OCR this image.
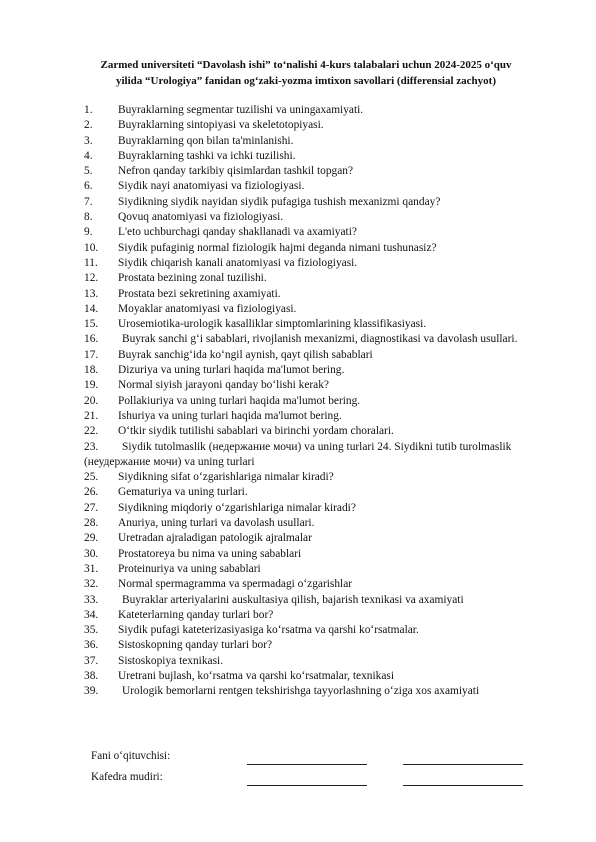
Zarmed universiteti “Davolash ishi” to‘nalishi 4-kurs talabalari uchun 2024-2025 o‘quv
yilida “Urologiya” fanidan og‘zaki-yozma imtixon savollari (differensial zachyot)
1. Buyraklarning segmentar tuzilishi va uningaxamiyati.
2. Buyraklarning sintopiyasi va skeletotopiyasi.
3. Buyraklarning qon bilan ta'minlanishi.
4. Buyraklarning tashki va ichki tuzilishi.
5. Nefron qanday tarkibiy qisimlardan tashkil topgan?
6. Siydik nayi anatomiyasi va fiziologiyasi.
7. Siydikning siydik nayidan siydik pufagiga tushish mexanizmi qanday?
8. Qovuq anatomiyasi va fiziologiyasi.
9. L'eto uchburchagi qanday shakllanadi va axamiyati?
10. Siydik pufaginig normal fiziologik hajmi deganda nimani tushunasiz?
11. Siydik chiqarish kanali anatomiyasi va fiziologiyasi.
12. Prostata bezining zonal tuzilishi.
13. Prostata bezi sekretining axamiyati.
14. Moyaklar anatomiyasi va fiziologiyasi.
15. Urosemiotika-urologik kasalliklar simptomlarining klassifikasiyasi.
16. Buyrak sanchi g‘i sabablari, rivojlanish mexanizmi, diagnostikasi va davolash usullari.
17. Buyrak sanchig‘ida ko‘ngil aynish, qayt qilish sabablari
18. Dizuriya va uning turlari haqida ma'lumot bering.
19. Normal siyish jarayoni qanday bo‘lishi kerak?
20. Pollakiuriya va uning turlari haqida ma'lumot bering.
21. Ishuriya va uning turlari haqida ma'lumot bering.
22. O‘tkir siydik tutilishi sabablari va birinchi yordam choralari.
23. Siydik tutolmaslik (недержание мочи) va uning turlari 24. Siydikni tutib turolmaslik (неудержание мочи) va uning turlari
25. Siydikning sifat o‘zgarishlariga nimalar kiradi?
26. Gematuriya va uning turlari.
27. Siydikning miqdoriy o‘zgarishlariga nimalar kiradi?
28. Anuriya, uning turlari va davolash usullari.
29. Uretradan ajraladigan patologik ajralmalar
30. Prostatoreya bu nima va uning sabablari
31. Proteinuriya va uning sabablari
32. Normal spermagramma va spermadagi o‘zgarishlar
33. Buyraklar arteriyalarini auskultasiya qilish, bajarish texnikasi va axamiyati
34. Kateterlarning qanday turlari bor?
35. Siydik pufagi kateterizasiyasiga ko‘rsatma va qarshi ko‘rsatmalar.
36. Sistoskopning qanday turlari bor?
37. Sistoskopiya texnikasi.
38. Uretrani bujlash, ko‘rsatma va qarshi ko‘rsatmalar, texnikasi
39. Urologik bemorlarni rentgen tekshirishga tayyorlashning o‘ziga xos axamiyati
Fani o‘qituvchisi:
Kafedra mudiri:
